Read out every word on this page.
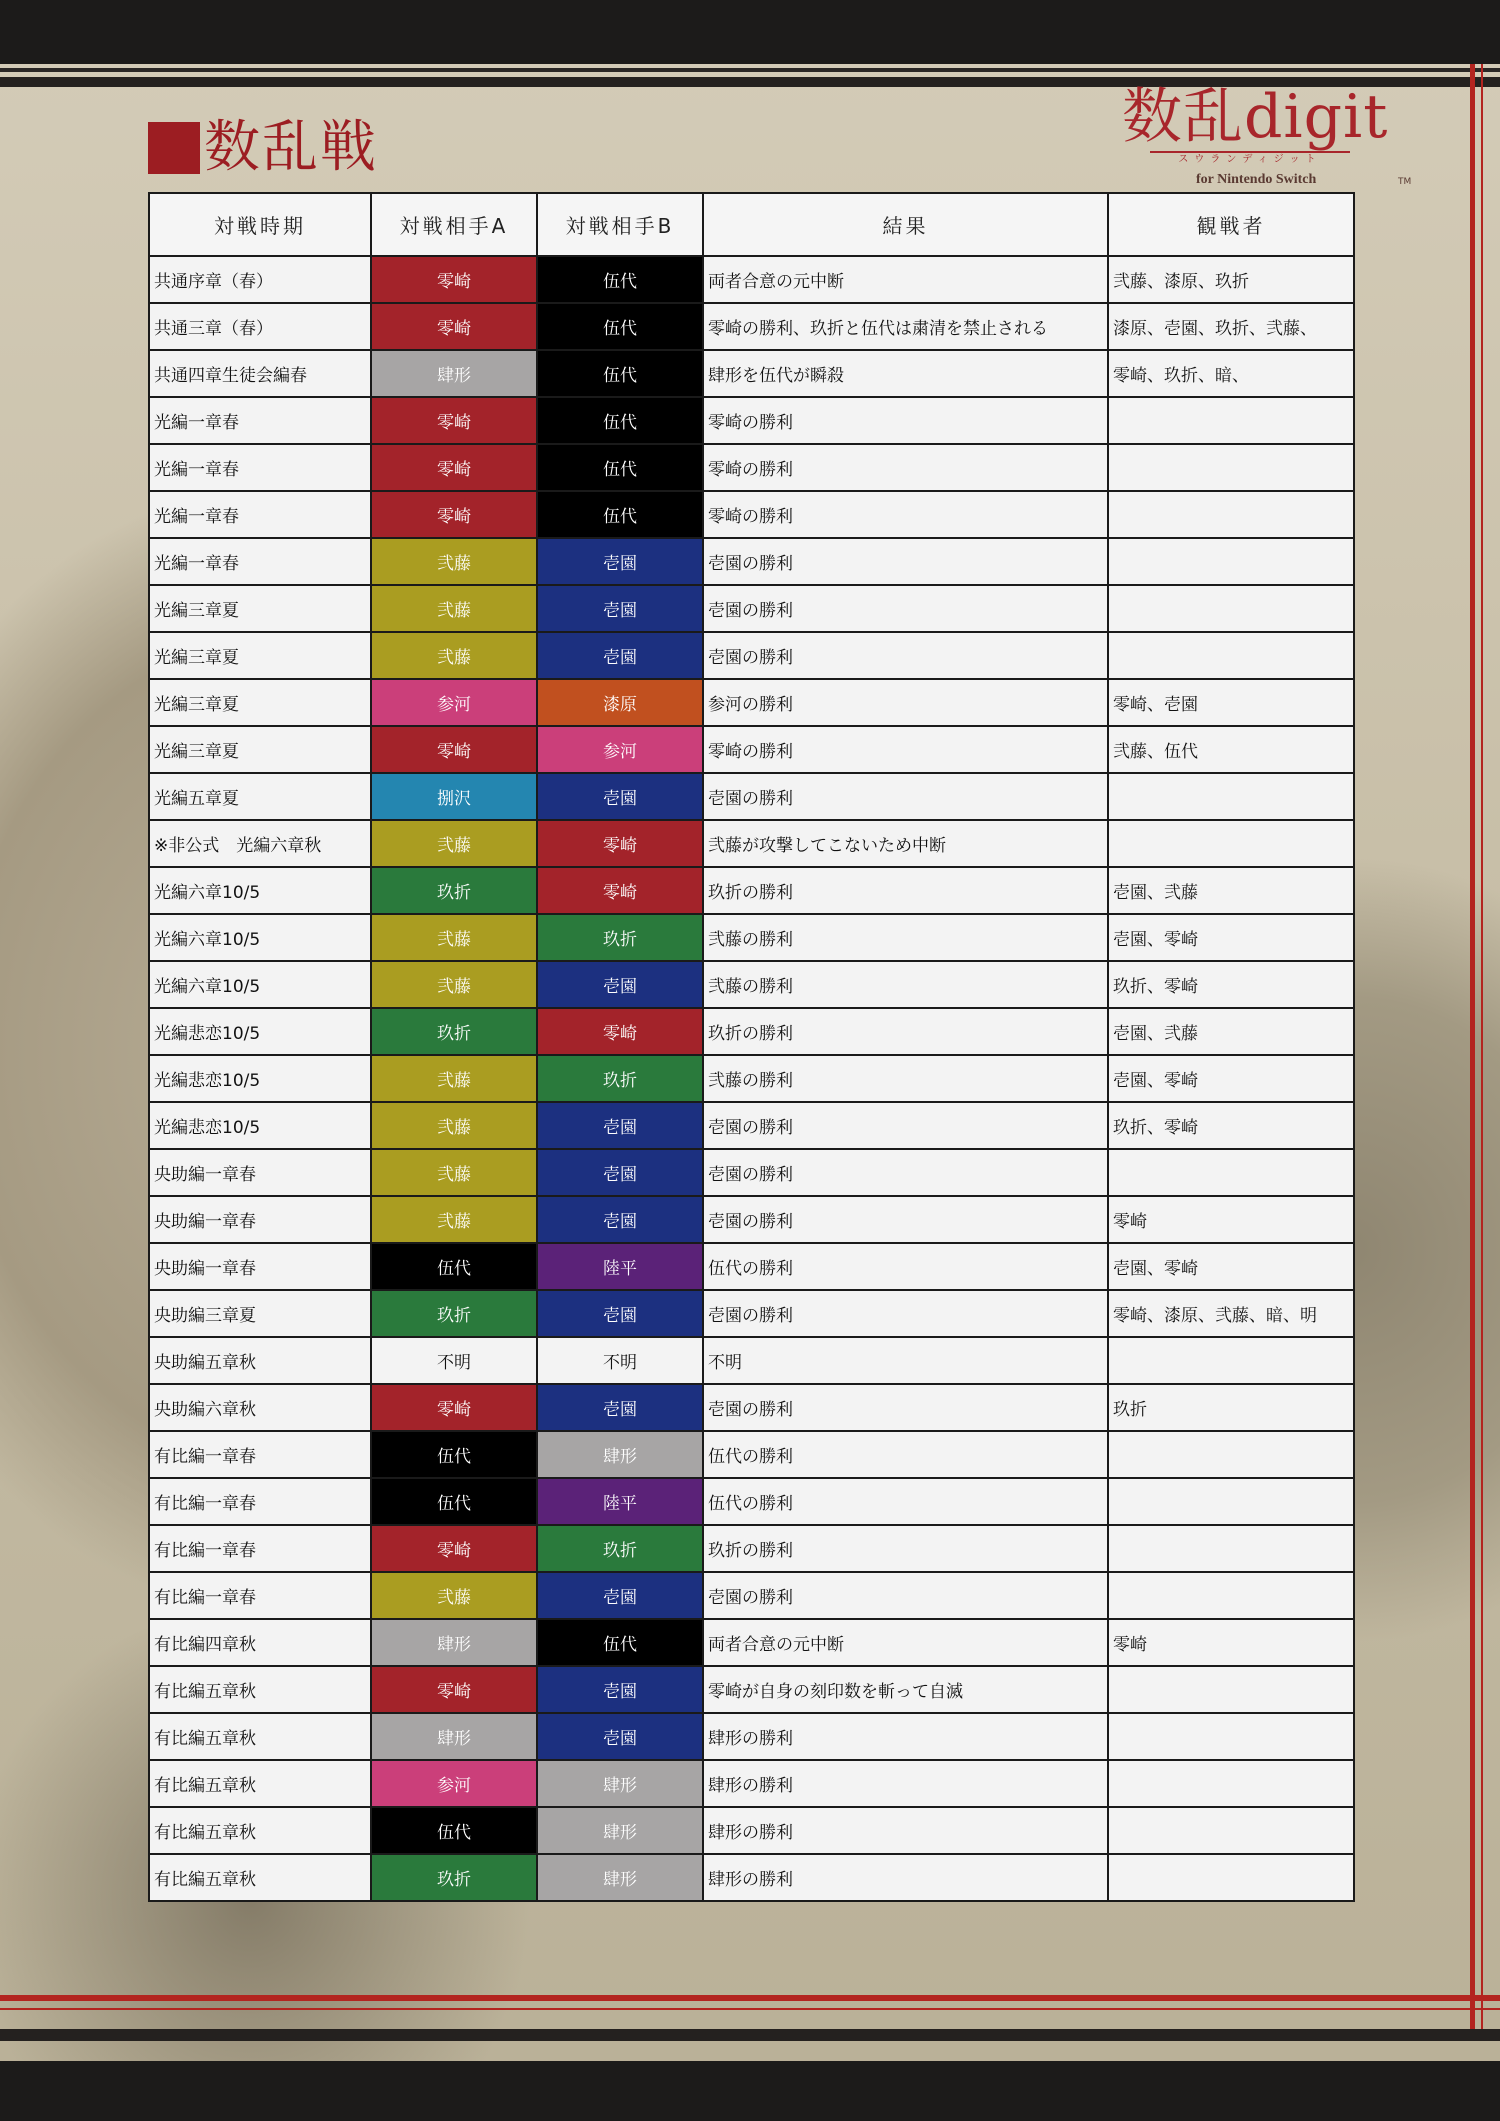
数乱戦	数乱digit
スウランディジット
for Nintendo Switch	TM
対戦時期	対戦相手A	対戦相手B	結果	観戦者
共通序章（春）	零崎	伍代	両者合意の元中断	弐藤、漆原、玖折
共通三章（春）	零崎	伍代	零崎の勝利、玖折と伍代は粛清を禁止される	漆原、壱園、玖折、弐藤、
共通四章生徒会編春	肆形	伍代	肆形を伍代が瞬殺	零崎、玖折、暗、
光編一章春	零崎	伍代	零崎の勝利	
光編一章春	零崎	伍代	零崎の勝利	
光編一章春	零崎	伍代	零崎の勝利	
光編一章春	弐藤	壱園	壱園の勝利	
光編三章夏	弐藤	壱園	壱園の勝利	
光編三章夏	弐藤	壱園	壱園の勝利	
光編三章夏	参河	漆原	参河の勝利	零崎、壱園
光編三章夏	零崎	参河	零崎の勝利	弐藤、伍代
光編五章夏	捌沢	壱園	壱園の勝利	
※非公式　光編六章秋	弐藤	零崎	弐藤が攻撃してこないため中断	
光編六章10/5	玖折	零崎	玖折の勝利	壱園、弐藤
光編六章10/5	弐藤	玖折	弐藤の勝利	壱園、零崎
光編六章10/5	弐藤	壱園	弐藤の勝利	玖折、零崎
光編悲恋10/5	玖折	零崎	玖折の勝利	壱園、弐藤
光編悲恋10/5	弐藤	玖折	弐藤の勝利	壱園、零崎
光編悲恋10/5	弐藤	壱園	壱園の勝利	玖折、零崎
央助編一章春	弐藤	壱園	壱園の勝利	
央助編一章春	弐藤	壱園	壱園の勝利	零崎
央助編一章春	伍代	陸平	伍代の勝利	壱園、零崎
央助編三章夏	玖折	壱園	壱園の勝利	零崎、漆原、弐藤、暗、明
央助編五章秋	不明	不明	不明	
央助編六章秋	零崎	壱園	壱園の勝利	玖折
有比編一章春	伍代	肆形	伍代の勝利	
有比編一章春	伍代	陸平	伍代の勝利	
有比編一章春	零崎	玖折	玖折の勝利	
有比編一章春	弐藤	壱園	壱園の勝利	
有比編四章秋	肆形	伍代	両者合意の元中断	零崎
有比編五章秋	零崎	壱園	零崎が自身の刻印数を斬って自滅	
有比編五章秋	肆形	壱園	肆形の勝利	
有比編五章秋	参河	肆形	肆形の勝利	
有比編五章秋	伍代	肆形	肆形の勝利	
有比編五章秋	玖折	肆形	肆形の勝利	
